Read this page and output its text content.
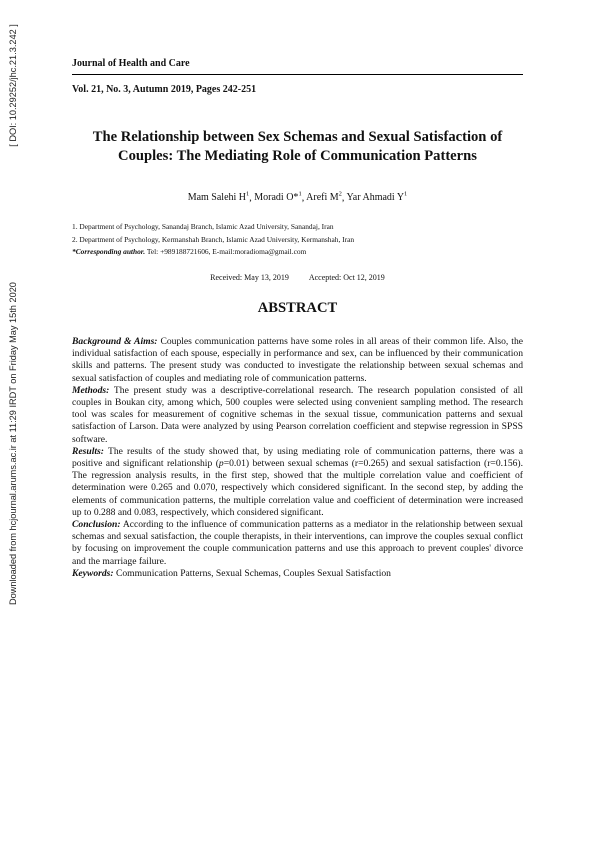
Downloaded from hcjournal.arums.ac.ir at 11:29 IRDT on Friday May 15th 2020                                                     [ DOI: 10.29252/jhc.21.3.242 ]	Journal of Health and Care
Vol. 21, No. 3, Autumn 2019, Pages 242-251
The Relationship between Sex Schemas and Sexual Satisfaction of
Couples: The Mediating Role of Communication Patterns
Mam Salehi $H^1$, Moradi O*$^1$, Arefi $M^2$, Yar Ahmadi $Y^1$
1. Department of Psychology, Sanandaj Branch, Islamic Azad University, Sanandaj, Iran
2. Department of Psychology, Kermanshah Branch, Islamic Azad University, Kermanshah, Iran
*Corresponding author. Tel: +989188721606, E-mail:moradioma@gmail.com
Received: May 13, 2019	Accepted: Oct 12, 2019
ABSTRACT

Background & Aims: Couples communication patterns have some roles in all areas of their common life. Also, the individual satisfaction of each spouse, especially in performance and sex, can be influenced by their communication skills and patterns. The present study was conducted to investigate the relationship between sexual schemas and sexual satisfaction of couples and mediating role of communication patterns.

Methods: The present study was a descriptive-correlational research. The research population consisted of all couples in Boukan city, among which, 500 couples were selected using convenient sampling method. The research tool was scales for measurement of cognitive schemas in the sexual tissue, communication patterns and sexual satisfaction of Larson. Data were analyzed by using Pearson correlation coefficient and stepwise regression in SPSS software.

Results: The results of the study showed that, by using mediating role of communication patterns, there was a positive and significant relationship (p=0.01) between sexual schemas (r=0.265) and sexual satisfaction (r=0.156). The regression analysis results, in the first step, showed that the multiple correlation value and coefficient of determination were 0.265 and 0.070, respectively which considered significant. In the second step, by adding the elements of communication patterns, the multiple correlation value and coefficient of determination were increased up to 0.288 and 0.083, respectively, which considered significant.

Conclusion: According to the influence of communication patterns as a mediator in the relationship between sexual schemas and sexual satisfaction, the couple therapists, in their interventions, can improve the couples sexual conflict by focusing on improvement the couple communication patterns and use this approach to prevent couples' divorce and the marriage failure.

Keywords: Communication Patterns, Sexual Schemas, Couples Sexual Satisfaction
